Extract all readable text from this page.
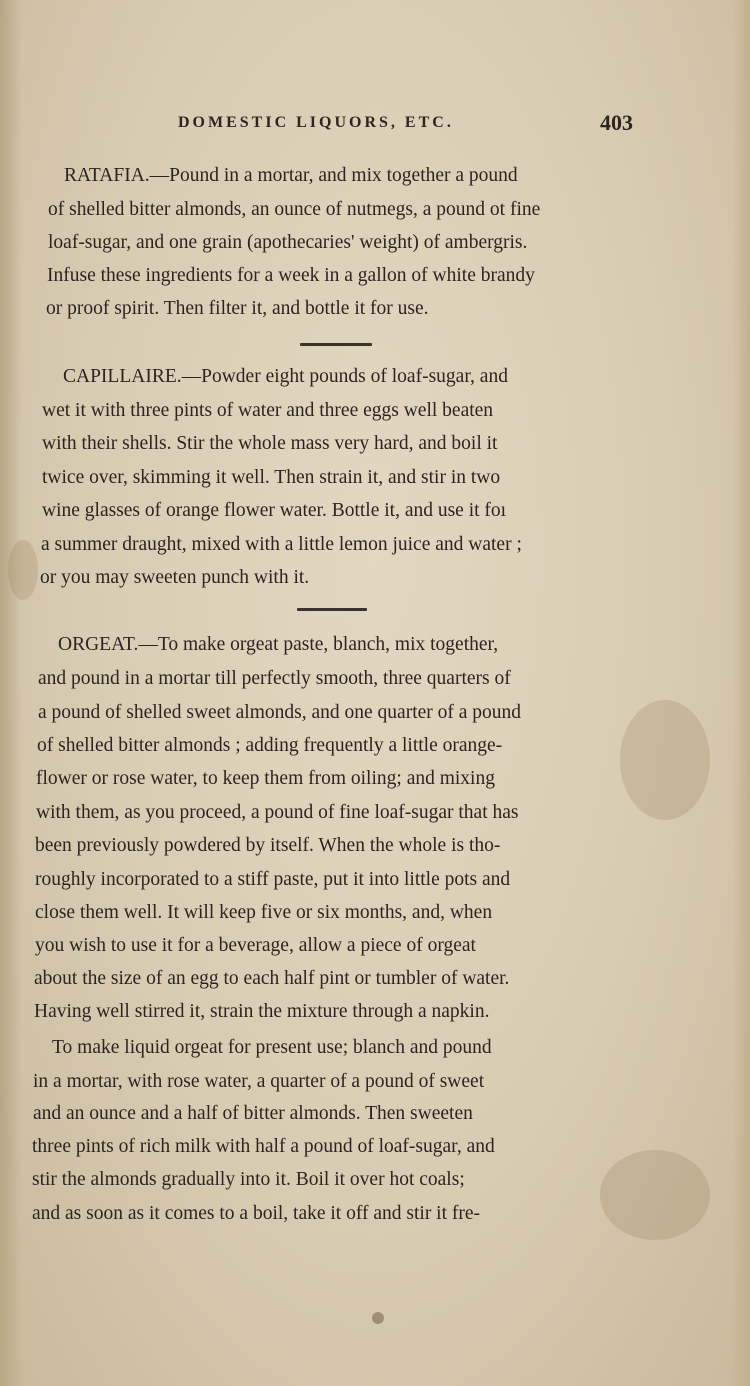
DOMESTIC LIQUORS, ETC.	403
RATAFIA.—Pound in a mortar, and mix together a pound
of shelled bitter almonds, an ounce of nutmegs, a pound ot fine
loaf-sugar, and one grain (apothecaries' weight) of ambergris.
Infuse these ingredients for a week in a gallon of white brandy
or proof spirit. Then filter it, and bottle it for use.
CAPILLAIRE.—Powder eight pounds of loaf-sugar, and
wet it with three pints of water and three eggs well beaten
with their shells. Stir the whole mass very hard, and boil it
twice over, skimming it well. Then strain it, and stir in two
wine glasses of orange flower water. Bottle it, and use it foı
a summer draught, mixed with a little lemon juice and water ;
or you may sweeten punch with it.
ORGEAT.—To make orgeat paste, blanch, mix together,
and pound in a mortar till perfectly smooth, three quarters of
a pound of shelled sweet almonds, and one quarter of a pound
of shelled bitter almonds ; adding frequently a little orange-
flower or rose water, to keep them from oiling; and mixing
with them, as you proceed, a pound of fine loaf-sugar that has
been previously powdered by itself. When the whole is tho-
roughly incorporated to a stiff paste, put it into little pots and
close them well. It will keep five or six months, and, when
you wish to use it for a beverage, allow a piece of orgeat
about the size of an egg to each half pint or tumbler of water.
Having well stirred it, strain the mixture through a napkin.
To make liquid orgeat for present use; blanch and pound
in a mortar, with rose water, a quarter of a pound of sweet
and an ounce and a half of bitter almonds. Then sweeten
three pints of rich milk with half a pound of loaf-sugar, and
stir the almonds gradually into it. Boil it over hot coals;
and as soon as it comes to a boil, take it off and stir it fre-
